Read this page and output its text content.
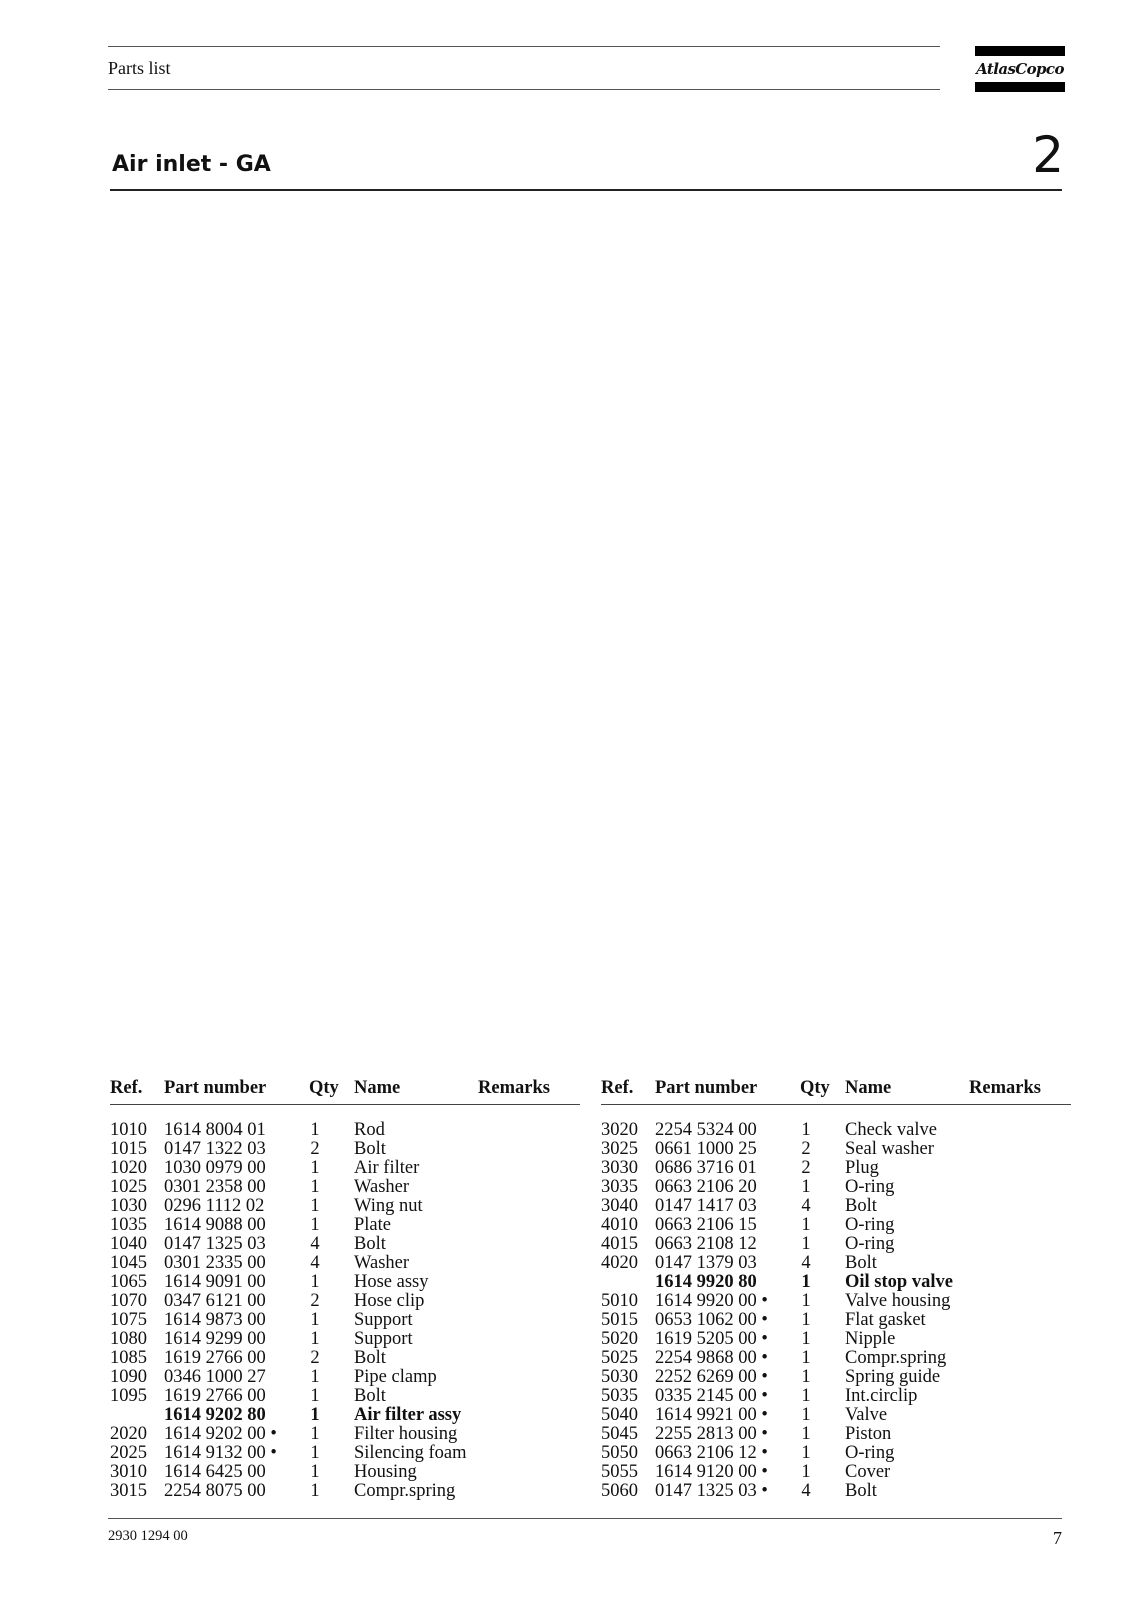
Parts list	AtlasCopco
Air inlet - GA	2
Ref. Part number Qty Name	Remarks
1010 1614 8004 01 1 Rod
1015 0147 1322 03 2 Bolt
1020 1030 0979 00 1 Air filter
1025 0301 2358 00 1 Washer
1030 0296 1112 02 1 Wing nut
1035 1614 9088 00 1 Plate
1040 0147 1325 03 4 Bolt
1045 0301 2335 00 4 Washer
1065 1614 9091 00 1 Hose assy
1070 0347 6121 00 2 Hose clip
1075 1614 9873 00 1 Support
1080 1614 9299 00 1 Support
1085 1619 2766 00 2 Bolt
1090 0346 1000 27 1 Pipe clamp
1095 1619 2766 00 1 Bolt
1614 9202 80 1 Air filter assy
2020 1614 9202 00 • 1 Filter housing
2025 1614 9132 00 • 1 Silencing foam
3010 1614 6425 00 1 Housing
3015 2254 8075 00 1 Compr.spring
Ref. Part number Qty Name	Remarks
3020 2254 5324 00 1 Check valve
3025 0661 1000 25 2 Seal washer
3030 0686 3716 01 2 Plug
3035 0663 2106 20 1 O-ring
3040 0147 1417 03 4 Bolt
4010 0663 2106 15 1 O-ring
4015 0663 2108 12 1 O-ring
4020 0147 1379 03 4 Bolt
1614 9920 80 1 Oil stop valve
5010 1614 9920 00 • 1 Valve housing
5015 0653 1062 00 • 1 Flat gasket
5020 1619 5205 00 • 1 Nipple
5025 2254 9868 00 • 1 Compr.spring
5030 2252 6269 00 • 1 Spring guide
5035 0335 2145 00 • 1 Int.circlip
5040 1614 9921 00 • 1 Valve
5045 2255 2813 00 • 1 Piston
5050 0663 2106 12 • 1 O-ring
5055 1614 9120 00 • 1 Cover
5060 0147 1325 03 • 4 Bolt
2930 1294 00	7
